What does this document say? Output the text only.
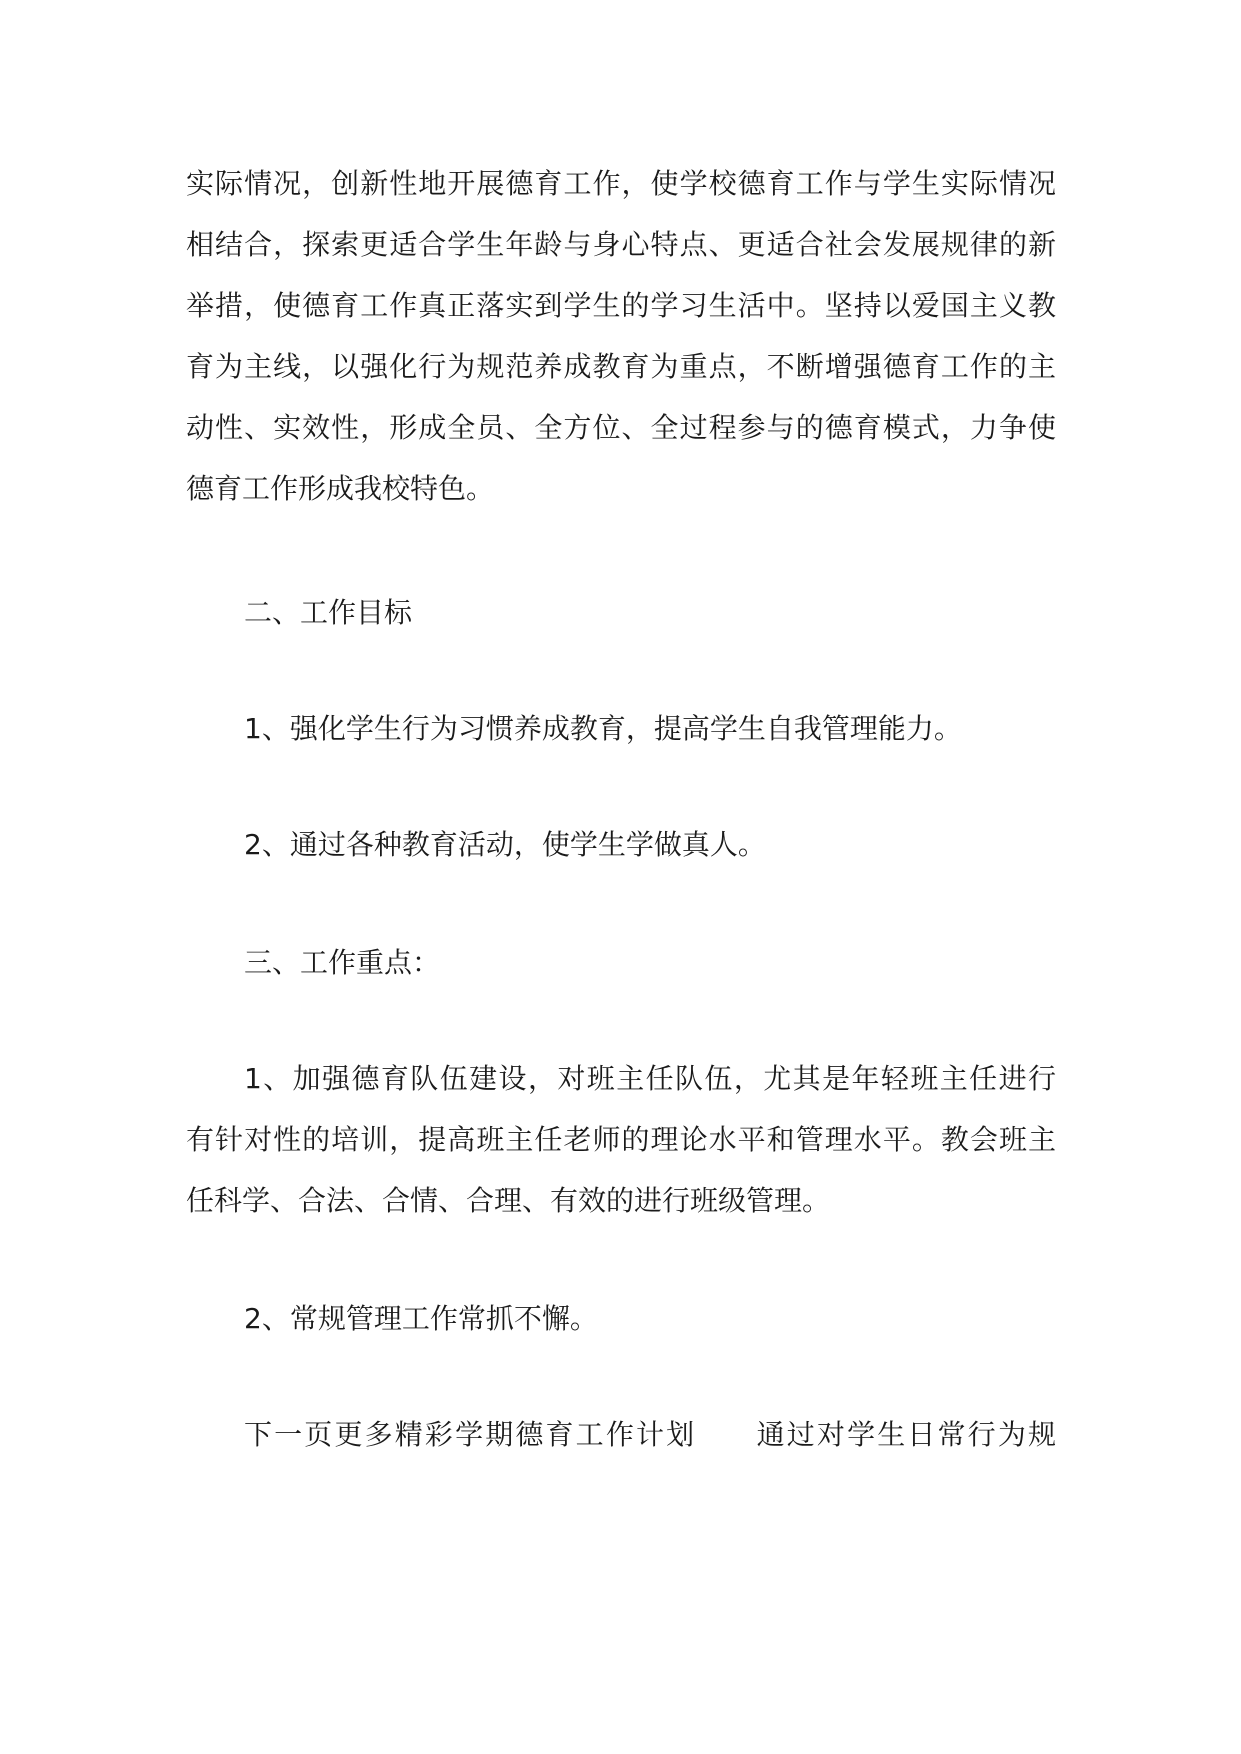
实际情况，创新性地开展德育工作，使学校德育工作与学生实际情况
相结合，探索更适合学生年龄与身心特点、更适合社会发展规律的新
举措，使德育工作真正落实到学生的学习生活中。坚持以爱国主义教
育为主线，以强化行为规范养成教育为重点，不断增强德育工作的主
动性、实效性，形成全员、全方位、全过程参与的德育模式，力争使
德育工作形成我校特色。
二、工作目标
1、强化学生行为习惯养成教育，提高学生自我管理能力。
2、通过各种教育活动，使学生学做真人。
三、工作重点：
1、加强德育队伍建设，对班主任队伍，尤其是年轻班主任进行
有针对性的培训，提高班主任老师的理论水平和管理水平。教会班主
任科学、合法、合情、合理、有效的进行班级管理。
2、常规管理工作常抓不懈。
下一页更多精彩学期德育工作计划　　通过对学生日常行为规
